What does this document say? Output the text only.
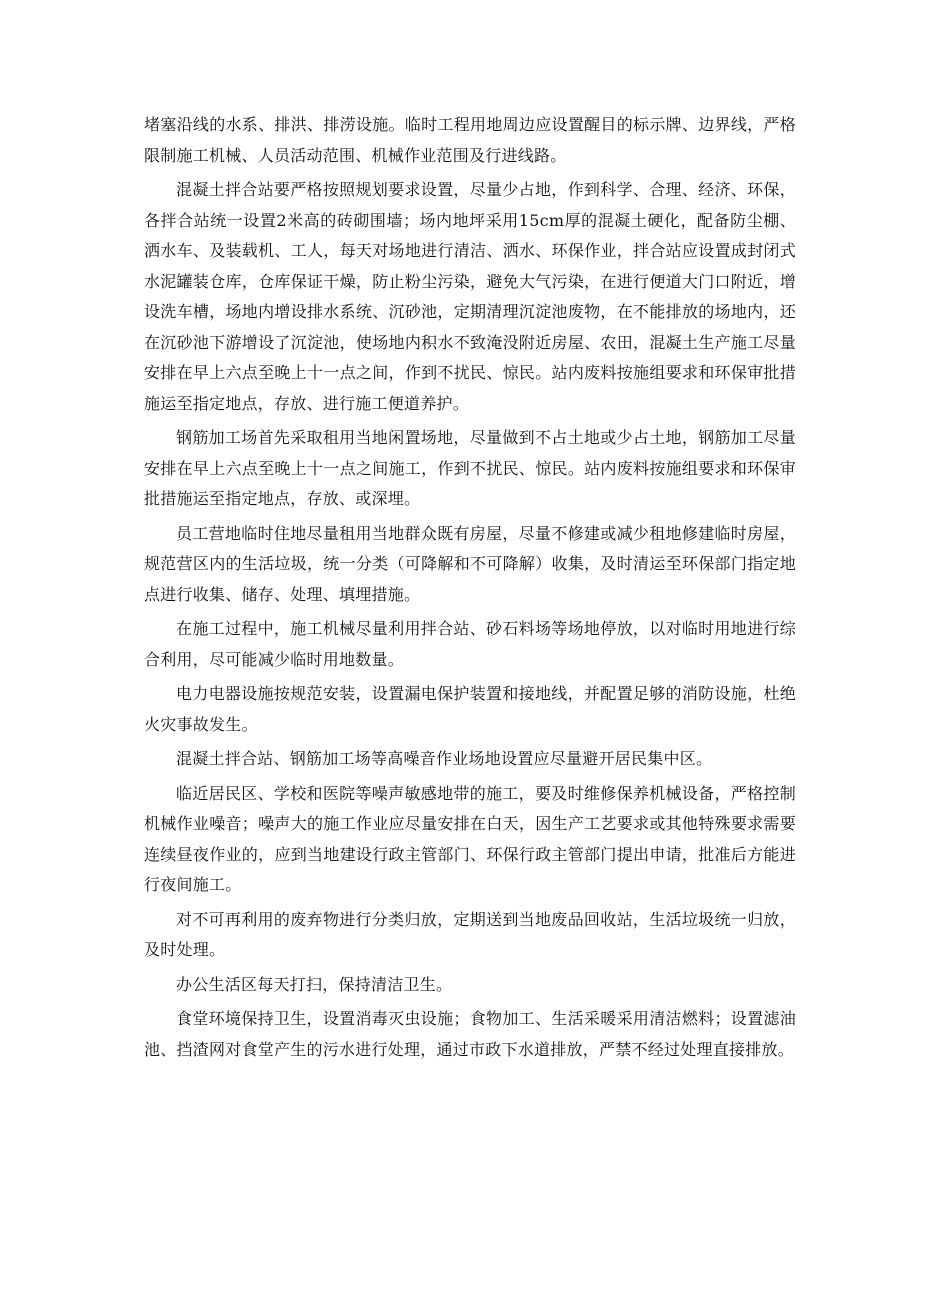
堵塞沿线的水系、排洪、排涝设施。临时工程用地周边应设置醒目的标示牌、边界线，严格限制施工机械、人员活动范围、机械作业范围及行进线路。

混凝土拌合站要严格按照规划要求设置，尽量少占地，作到科学、合理、经济、环保，各拌合站统一设置2米高的砖砌围墙；场内地坪采用15cm厚的混凝土硬化，配备防尘棚、洒水车、及装载机、工人，每天对场地进行清洁、洒水、环保作业，拌合站应设置成封闭式水泥罐装仓库，仓库保证干燥，防止粉尘污染，避免大气污染，在进行便道大门口附近，增设洗车槽，场地内增设排水系统、沉砂池，定期清理沉淀池废物，在不能排放的场地内，还在沉砂池下游增设了沉淀池，使场地内积水不致淹没附近房屋、农田，混凝土生产施工尽量安排在早上六点至晚上十一点之间，作到不扰民、惊民。站内废料按施组要求和环保审批措施运至指定地点，存放、进行施工便道养护。

钢筋加工场首先采取租用当地闲置场地，尽量做到不占土地或少占土地，钢筋加工尽量安排在早上六点至晚上十一点之间施工，作到不扰民、惊民。站内废料按施组要求和环保审批措施运至指定地点，存放、或深埋。

员工营地临时住地尽量租用当地群众既有房屋，尽量不修建或减少租地修建临时房屋，规范营区内的生活垃圾，统一分类（可降解和不可降解）收集，及时清运至环保部门指定地点进行收集、储存、处理、填埋措施。

在施工过程中，施工机械尽量利用拌合站、砂石料场等场地停放，以对临时用地进行综合利用，尽可能减少临时用地数量。

电力电器设施按规范安装，设置漏电保护装置和接地线，并配置足够的消防设施，杜绝火灾事故发生。

混凝土拌合站、钢筋加工场等高噪音作业场地设置应尽量避开居民集中区。

临近居民区、学校和医院等噪声敏感地带的施工，要及时维修保养机械设备，严格控制机械作业噪音；噪声大的施工作业应尽量安排在白天，因生产工艺要求或其他特殊要求需要连续昼夜作业的，应到当地建设行政主管部门、环保行政主管部门提出申请，批准后方能进行夜间施工。

对不可再利用的废弃物进行分类归放，定期送到当地废品回收站，生活垃圾统一归放，及时处理。

办公生活区每天打扫，保持清洁卫生。

食堂环境保持卫生，设置消毒灭虫设施；食物加工、生活采暖采用清洁燃料；设置滤油池、挡渣网对食堂产生的污水进行处理，通过市政下水道排放，严禁不经过处理直接排放。
